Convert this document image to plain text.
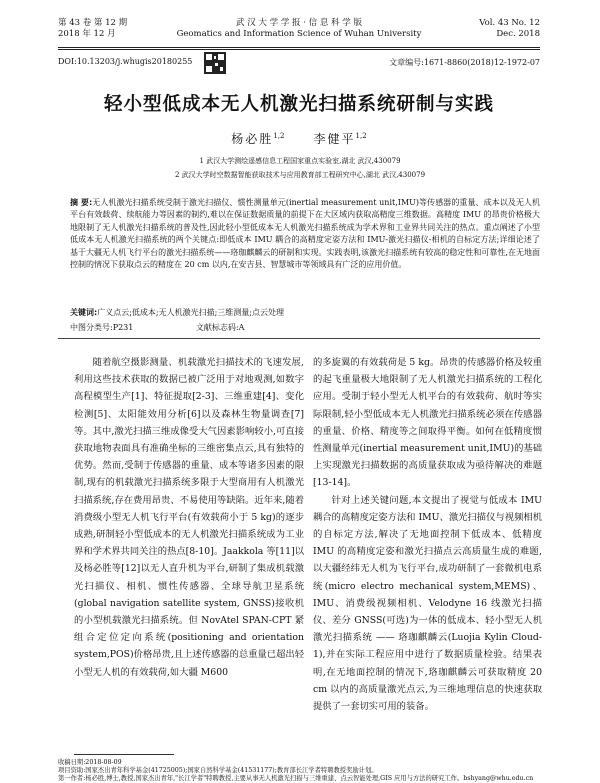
第 43 卷 第 12 期
2018 年 12 月
武 汉 大 学 学 报 · 信 息 科 学 版
Geomatics and Information Science of Wuhan University
Vol. 43 No. 12
Dec. 2018
DOI:10.13203/j.whugis20180255	文章编号:1671-8860(2018)12-1972-07
轻小型低成本无人机激光扫描系统研制与实践
杨必胜$^{1,2}$ 李健平$^{1,2}$
1 武汉大学测绘遥感信息工程国家重点实验室,湖北 武汉,430079
2 武汉大学时空数据智能获取技术与应用教育部工程研究中心,湖北 武汉,430079
摘 要:无人机激光扫描系统受制于激光扫描仪、惯性测量单元(inertial measurement unit,IMU)等传感器的重量、成本以及无人机平台有效载荷、续航能力等因素的制约,难以在保证数据质量的前提下在大区域内获取高精度三维数据。高精度 IMU 的昂贵价格极大地限制了无人机激光扫描系统的普及性,因此轻小型低成本无人机激光扫描系统成为学术界和工业界共同关注的热点。重点阐述了小型低成本无人机激光扫描系统的两个关键点:即低成本 IMU 耦合的高精度定姿方法和 IMU-激光扫描仪-相机的自标定方法;详细论述了基于大疆无人机飞行平台的激光扫描系统——珞珈麒麟云的研制和实现。实践表明,该激光扫描系统有较高的稳定性和可靠性,在无地面控制的情况下获取点云的精度在 20 cm 以内,在安吉县、智慧城市等领域具有广泛的应用价值。
关键词:广义点云;低成本;无人机激光扫描;三维测量;点云处理
中图分类号:P231	文献标志码:A

随着航空摄影测量、机载激光扫描技术的飞速发展,利用这些技术获取的数据已被广泛用于对地观测,如数字高程模型生产[1]、特征提取[2-3]、三维重建[4]、变化检测[5]、太阳能效用分析[6]以及森林生物量调查[7]等。其中,激光扫描三维成像受大气因素影响较小,可直接获取地物表面具有准确坐标的三维密集点云,具有独特的优势。然而,受制于传感器的重量、成本等诸多因素的限制,现有的机载激光扫描系统多限于大型商用有人机激光扫描系统,存在费用昂贵、不易使用等缺陷。近年来,随着消费级小型无人机飞行平台(有效载荷小于 5 kg)的逐步成熟,研制轻小型低成本的无人机激光扫描系统成为工业界和学术界共同关注的热点[8-10]。Jaakkola 等[11]以及杨必胜等[12]以无人直升机为平台,研制了集成机载激光扫描仪、相机、惯性传感器、全球导航卫星系统(global navigation satellite system, GNSS)接收机的小型机载激光扫描系统。但 NovAtel SPAN-CPT 紧组合定位定向系统(positioning and orientation system,POS)价格昂贵,且上述传感器的总重量已超出轻小型无人机的有效载荷,如大疆 M600

的多旋翼的有效载荷是 5 kg。昂贵的传感器价格及较重的起飞重量极大地限制了无人机激光扫描系统的工程化应用。受制于轻小型无人机平台的有效载荷、航时等实际限制,轻小型低成本无人机激光扫描系统必须在传感器的重量、价格、精度等之间取得平衡。如何在低精度惯性测量单元(inertial measurement unit,IMU)的基础上实现激光扫描数据的高质量获取成为亟待解决的难题[13-14]。

针对上述关键问题,本文提出了视觉与低成本 IMU 耦合的高精度定姿方法和 IMU、激光扫描仪与视频相机的自标定方法,解决了无地面控制下低成本、低精度 IMU 的高精度定姿和激光扫描点云高质量生成的难题,以大疆经纬无人机为飞行平台,成功研制了一套微机电系统(micro electro mechanical system,MEMS)、IMU、消费级视频相机、Velodyne 16 线激光扫描仪、差分 GNSS(可选)为一体的低成本、轻小型无人机激光扫描系统 —— 珞珈麒麟云(Luojia Kylin Cloud-1),并在实际工程应用中进行了数据质量检验。结果表明,在无地面控制的情况下,珞珈麒麟云可获取精度 20 cm 以内的高质量激光点云,为三维地理信息的快速获取提供了一套切实可用的装备。

收稿日期:2018-08-09
项目资助:国家杰出青年科学基金(41725005);国家自然科学基金(41531177);教育部长江学者特聘教授奖励计划。
第一作者:杨必胜,博士,教授,国家杰出青年,"长江学者"特聘教授,主要从事无人机激光扫描与三维重建、点云智能处理,GIS 应用与方法的研究工作。bshyang@whu.edu.cn
